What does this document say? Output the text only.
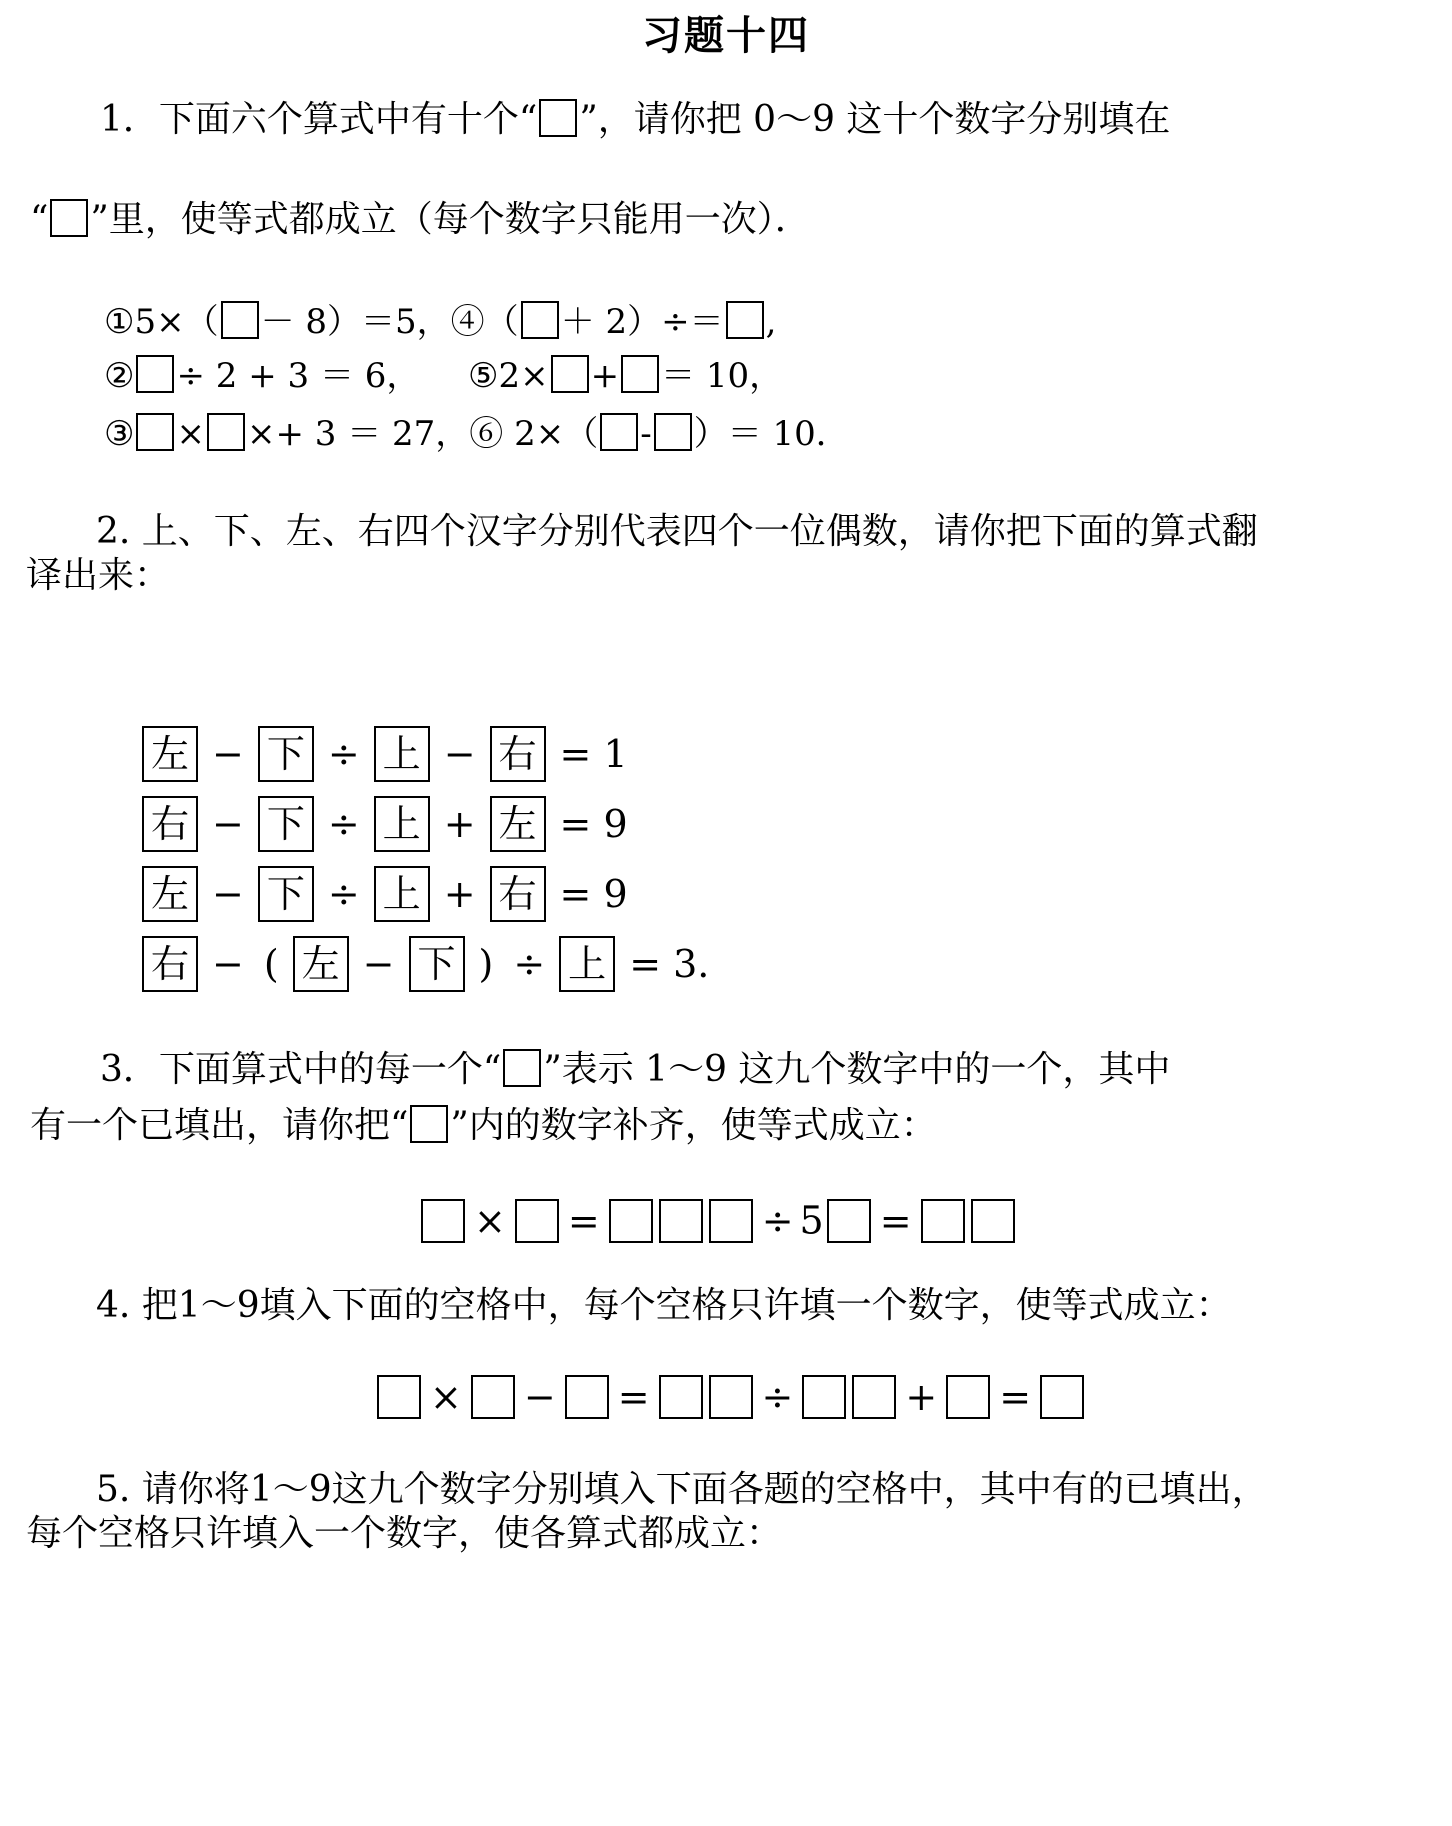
习题十四
1．下面六个算式中有十个“ ”，请你把 0～9 这十个数字分别填在
“ ”里，使等式都成立（每个数字只能用一次）．
①5×（ － 8）＝5，④（ ＋ 2）÷＝ ,
② ÷ 2 + 3 ＝ 6， ⑤2× + ＝ 10，
③ × ×+ 3 ＝ 27，⑥ 2×（ - ）＝ 10．
2. 上、下、左、右四个汉字分别代表四个一位偶数，请你把下面的算式翻
译出来：
左 − 下 ÷ 上 − 右 = 1
右 − 下 ÷ 上 + 左 = 9
左 − 下 ÷ 上 + 右 = 9
右 − ( 左 − 下 ) ÷ 上 = 3.
3．下面算式中的每一个“ ”表示 1～9 这九个数字中的一个，其中
有一个已填出，请你把“ ”内的数字补齐，使等式成立：
× =	÷ 5 =
4. 把1～9填入下面的空格中，每个空格只许填一个数字，使等式成立：
× − =	÷	+ =
5. 请你将1～9这九个数字分别填入下面各题的空格中，其中有的已填出，
每个空格只许填入一个数字，使各算式都成立：
